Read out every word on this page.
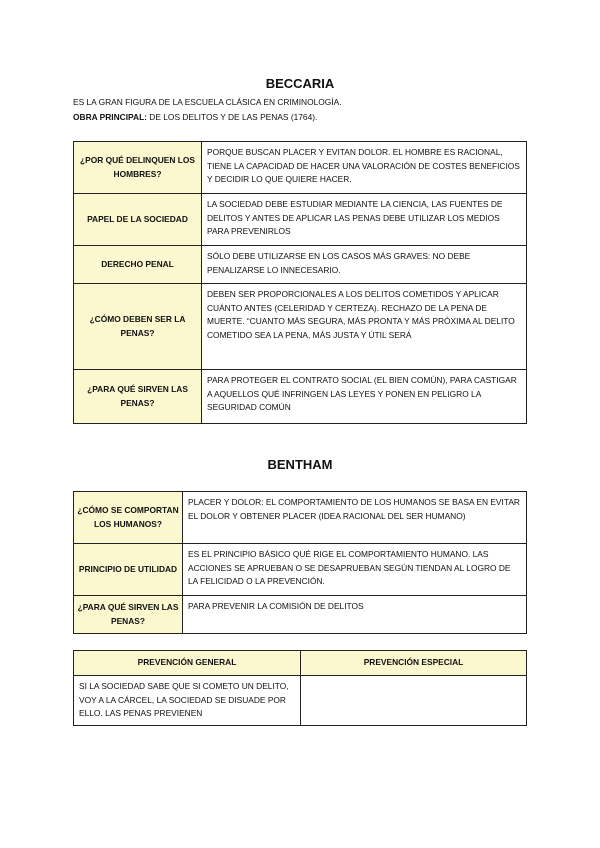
BECCARIA
ES LA GRAN FIGURA DE LA ESCUELA CLÁSICA EN CRIMINOLOGÍA.
OBRA PRINCIPAL: DE LOS DELITOS Y DE LAS PENAS (1764).
¿POR QUÉ DELINQUEN LOS HOMBRES?	PORQUE BUSCAN PLACER Y EVITAN DOLOR. EL HOMBRE ES RACIONAL, TIENE LA CAPACIDAD DE HACER UNA VALORACIÓN DE COSTES BENEFICIOS Y DECIDIR LO QUE QUIERE HACER.
PAPEL DE LA SOCIEDAD	LA SOCIEDAD DEBE ESTUDIAR MEDIANTE LA CIENCIA, LAS FUENTES DE DELITOS Y ANTES DE APLICAR LAS PENAS DEBE UTILIZAR LOS MEDIOS PARA PREVENIRLOS
DERECHO PENAL	SÓLO DEBE UTILIZARSE EN LOS CASOS MÁS GRAVES: NO DEBE PENALIZARSE LO INNECESARIO.
¿CÓMO DEBEN SER LA PENAS?	DEBEN SER PROPORCIONALES A LOS DELITOS COMETIDOS Y APLICAR CUÁNTO ANTES (CELERIDAD Y CERTEZA). RECHAZO DE LA PENA DE MUERTE. “CUANTO MÁS SEGURA, MÁS PRONTA Y MÁS PRÓXIMA AL DELITO COMETIDO SEA LA PENA, MÁS JUSTA Y ÚTIL SERÁ
¿PARA QUÉ SIRVEN LAS PENAS?	PARA PROTEGER EL CONTRATO SOCIAL (EL BIEN COMÚN), PARA CASTIGAR A AQUELLOS QUÉ INFRINGEN LAS LEYES Y PONEN EN PELIGRO LA SEGURIDAD COMÚN
BENTHAM
¿CÓMO SE COMPORTAN LOS HUMANOS?	PLACER Y DOLOR: EL COMPORTAMIENTO DE LOS HUMANOS SE BASA EN EVITAR EL DOLOR Y OBTENER PLACER (IDEA RACIONAL DEL SER HUMANO)
PRINCIPIO DE UTILIDAD	ES EL PRINCIPIO BÁSICO QUÉ RIGE EL COMPORTAMIENTO HUMANO. LAS ACCIONES SE APRUEBAN O SE DESAPRUEBAN SEGÚN TIENDAN AL LOGRO DE LA FELICIDAD O LA PREVENCIÓN.
¿PARA QUÉ SIRVEN LAS PENAS?	PARA PREVENIR LA COMISIÓN DE DELITOS
PREVENCIÓN GENERAL	PREVENCIÓN ESPECIAL
SI LA SOCIEDAD SABE QUE SI COMETO UN DELITO, VOY A LA CÁRCEL, LA SOCIEDAD SE DISUADE POR ELLO. LAS PENAS PREVIENEN	
